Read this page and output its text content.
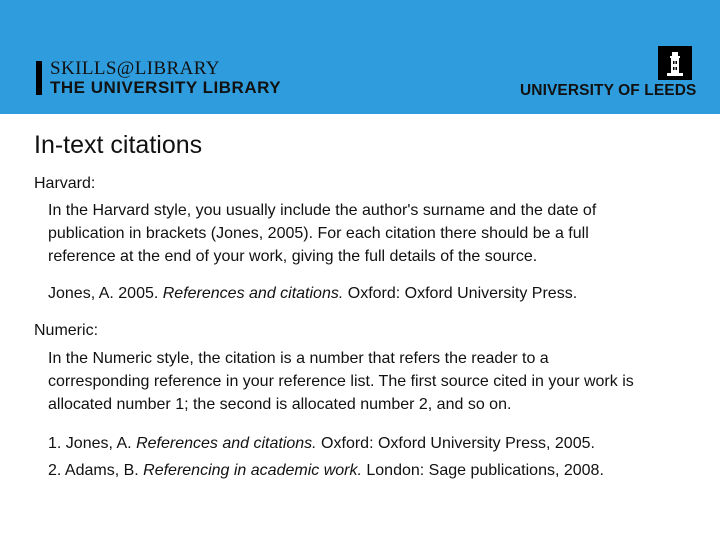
SKILLS@LIBRARY
THE UNIVERSITY LIBRARY	UNIVERSITY OF LEEDS
In-text citations
Harvard:
In the Harvard style, you usually include the author's surname and the date of
publication in brackets (Jones, 2005). For each citation there should be a full
reference at the end of your work, giving the full details of the source.
Jones, A. 2005. References and citations. Oxford: Oxford University Press.
Numeric:
In the Numeric style, the citation is a number that refers the reader to a
corresponding reference in your reference list. The first source cited in your work is
allocated number 1; the second is allocated number 2, and so on.
1. Jones, A. References and citations. Oxford: Oxford University Press, 2005.
2. Adams, B. Referencing in academic work. London: Sage publications, 2008.
